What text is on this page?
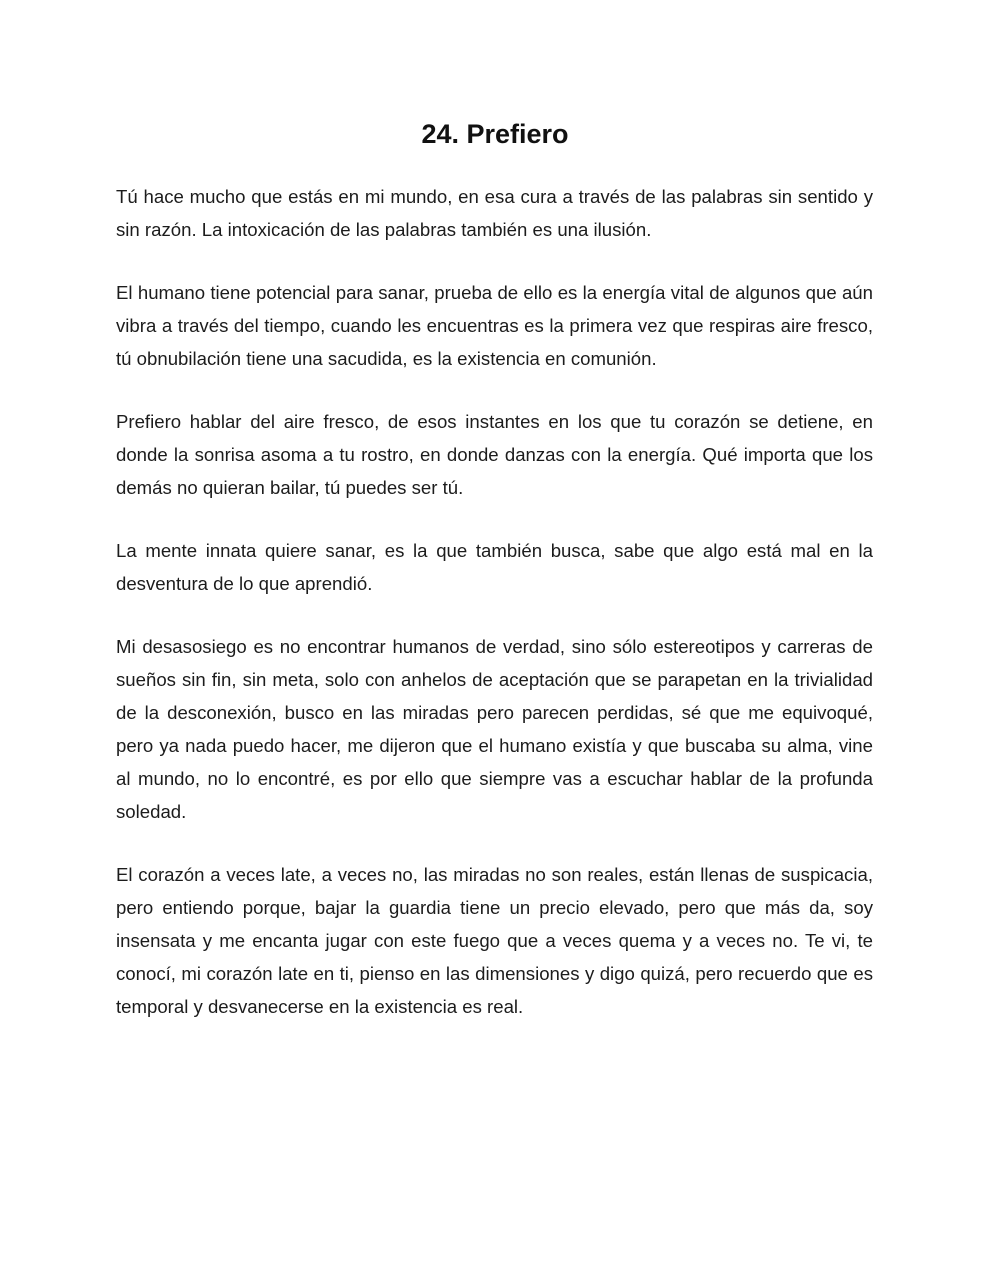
24. Prefiero

Tú hace mucho que estás en mi mundo, en esa cura a través de las palabras sin sentido y sin razón. La intoxicación de las palabras también es una ilusión.

El humano tiene potencial para sanar, prueba de ello es la energía vital de algunos que aún vibra a través del tiempo, cuando les encuentras es la primera vez que respiras aire fresco, tú obnubilación tiene una sacudida, es la existencia en comunión.

Prefiero hablar del aire fresco, de esos instantes en los que tu corazón se detiene, en donde la sonrisa asoma a tu rostro, en donde danzas con la energía. Qué importa que los demás no quieran bailar, tú puedes ser tú.

La mente innata quiere sanar, es la que también busca, sabe que algo está mal en la desventura de lo que aprendió.

Mi desasosiego es no encontrar humanos de verdad, sino sólo estereotipos y carreras de sueños sin fin, sin meta, solo con anhelos de aceptación que se parapetan en la trivialidad de la desconexión, busco en las miradas pero parecen perdidas, sé que me equivoqué, pero ya nada puedo hacer, me dijeron que el humano existía y que buscaba su alma, vine al mundo, no lo encontré, es por ello que siempre vas a escuchar hablar de la profunda soledad.

El corazón a veces late, a veces no, las miradas no son reales, están llenas de suspicacia, pero entiendo porque, bajar la guardia tiene un precio elevado, pero que más da, soy insensata y me encanta jugar con este fuego que a veces quema y a veces no. Te vi, te conocí, mi corazón late en ti, pienso en las dimensiones y digo quizá, pero recuerdo que es temporal y desvanecerse en la existencia es real.
